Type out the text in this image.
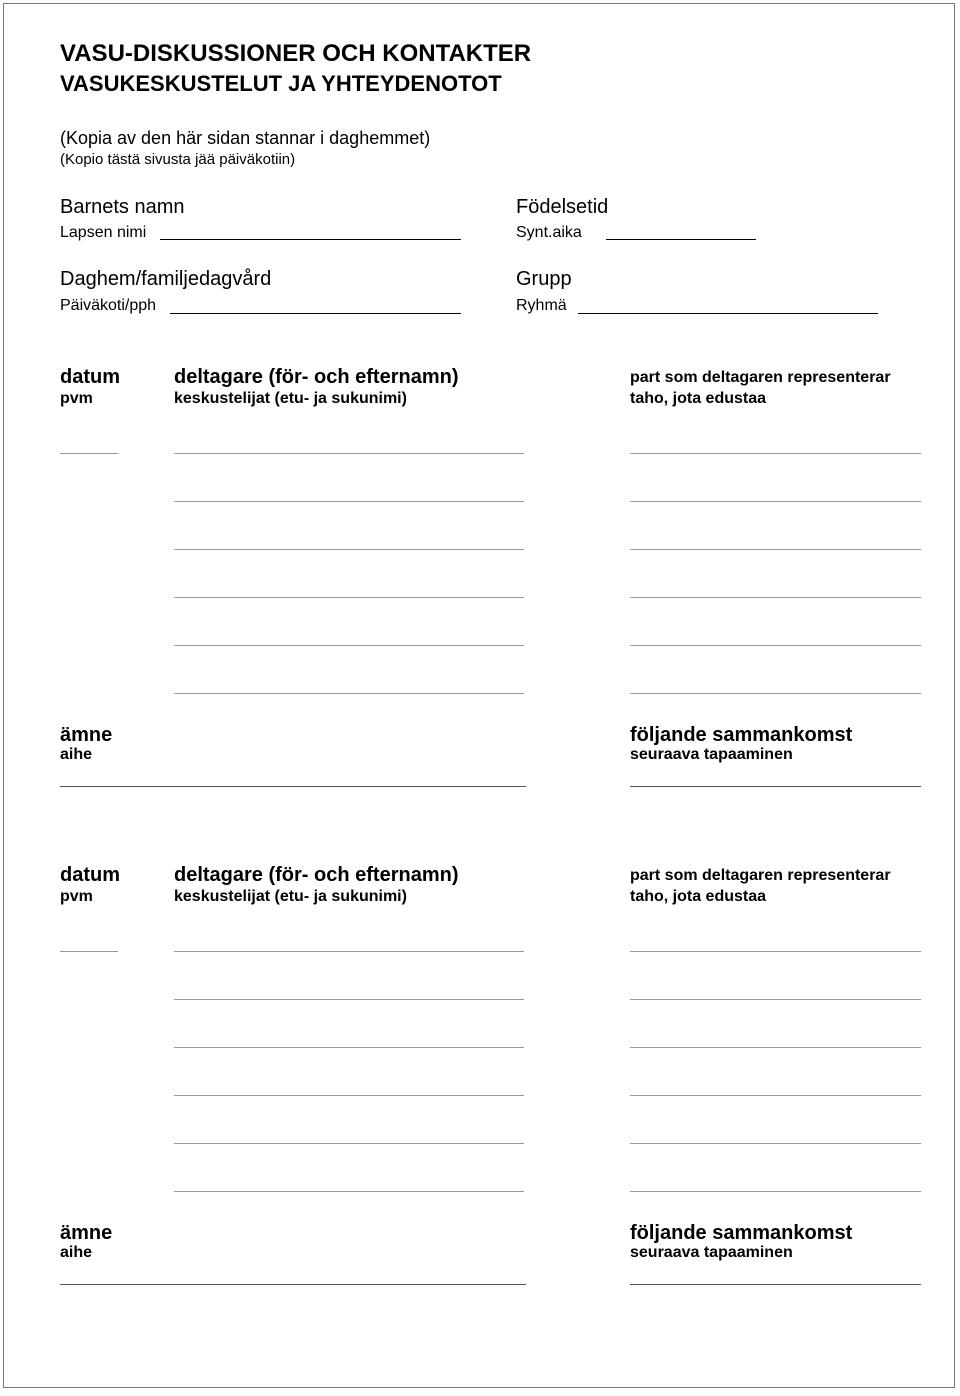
VASU-DISKUSSIONER OCH KONTAKTER
VASUKESKUSTELUT JA YHTEYDENOTOT
(Kopia av den här sidan stannar i daghemmet)
(Kopio tästä sivusta jää päiväkotiin)
Barnets namn
Lapsen nimi
Födelsetid
Synt.aika
Daghem/familjedagvård
Päiväkoti/pph
Grupp
Ryhmä
datum
pvm
deltagare (för- och efternamn)
keskustelijat (etu- ja sukunimi)
part som deltagaren representerar
taho, jota edustaa
ämne
aihe
följande sammankomst
seuraava tapaaminen
datum
pvm
deltagare (för- och efternamn)
keskustelijat (etu- ja sukunimi)
part som deltagaren representerar
taho, jota edustaa
ämne
aihe
följande sammankomst
seuraava tapaaminen
